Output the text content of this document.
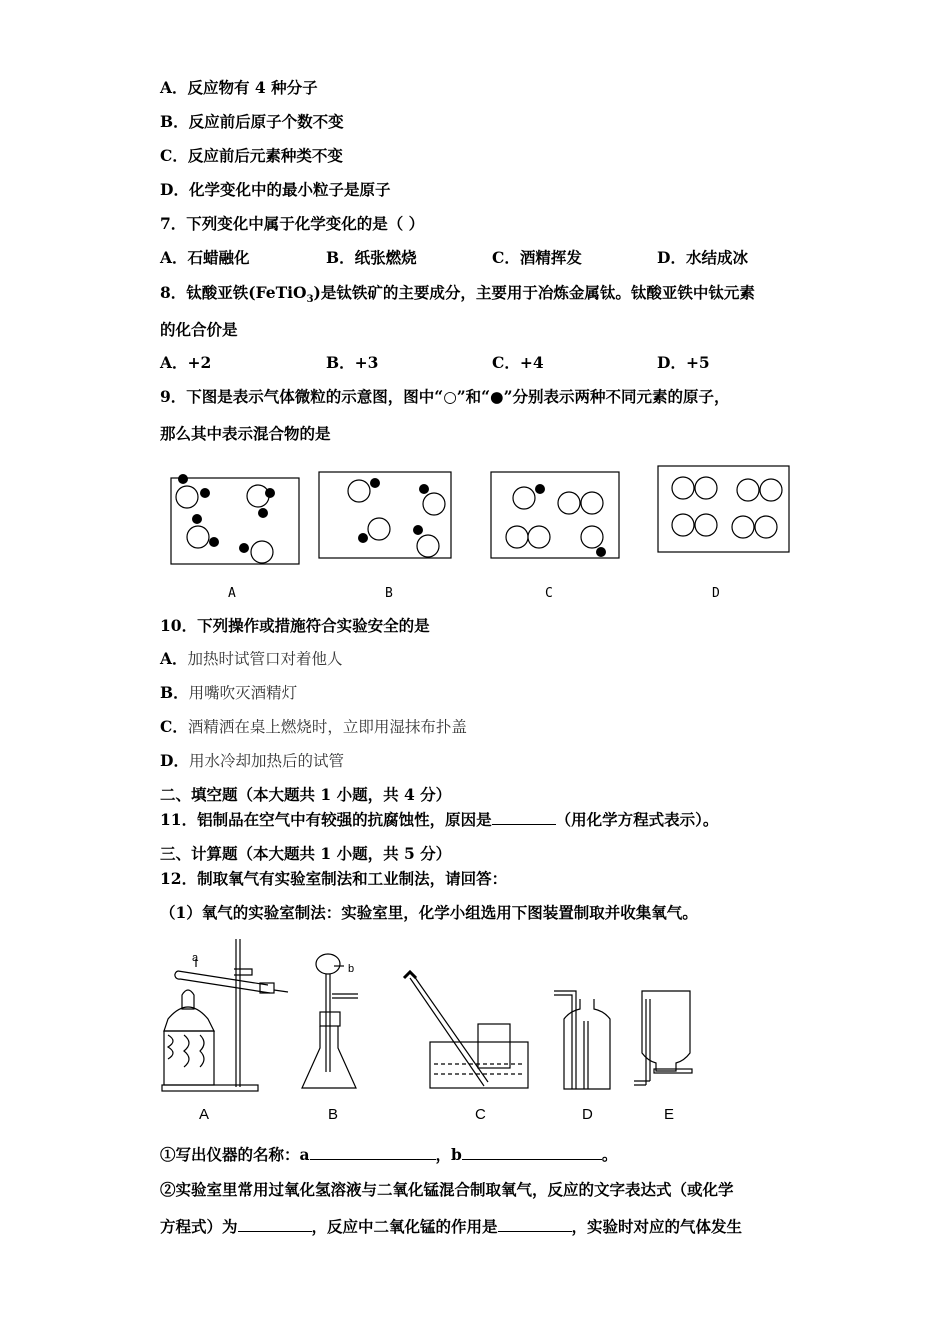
A．反应物有 4 种分子
B．反应前后原子个数不变
C．反应前后元素种类不变
D．化学变化中的最小粒子是原子
7．下列变化中属于化学变化的是（ ）
A．石蜡融化	B．纸张燃烧	C．酒精挥发	D．水结成冰
8．钛酸亚铁(FeTiO$_3$)是钛铁矿的主要成分，主要用于冶炼金属钛。钛酸亚铁中钛元素
的化合价是
A．+2	B．+3	C．+4	D．+5
9．下图是表示气体微粒的示意图，图中“○”和“●”分别表示两种不同元素的原子，
那么其中表示混合物的是
A	B	C	D
10．下列操作或措施符合实验安全的是
A．加热时试管口对着他人
B．用嘴吹灭酒精灯
C．酒精洒在桌上燃烧时，立即用湿抹布扑盖
D．用水冷却加热后的试管
二、填空题（本大题共 1 小题，共 4 分）
11．铝制品在空气中有较强的抗腐蚀性，原因是	（用化学方程式表示）。
三、计算题（本大题共 1 小题，共 5 分）
12．制取氧气有实验室制法和工业制法，请回答：
（1）氧气的实验室制法：实验室里，化学小组选用下图装置制取并收集氧气。
a
b
A	B	C	D	E
①写出仪器的名称：a	，b	。
②实验室里常用过氧化氢溶液与二氧化锰混合制取氧气，反应的文字表达式（或化学
方程式）为	，反应中二氧化锰的作用是	，实验时对应的气体发生
